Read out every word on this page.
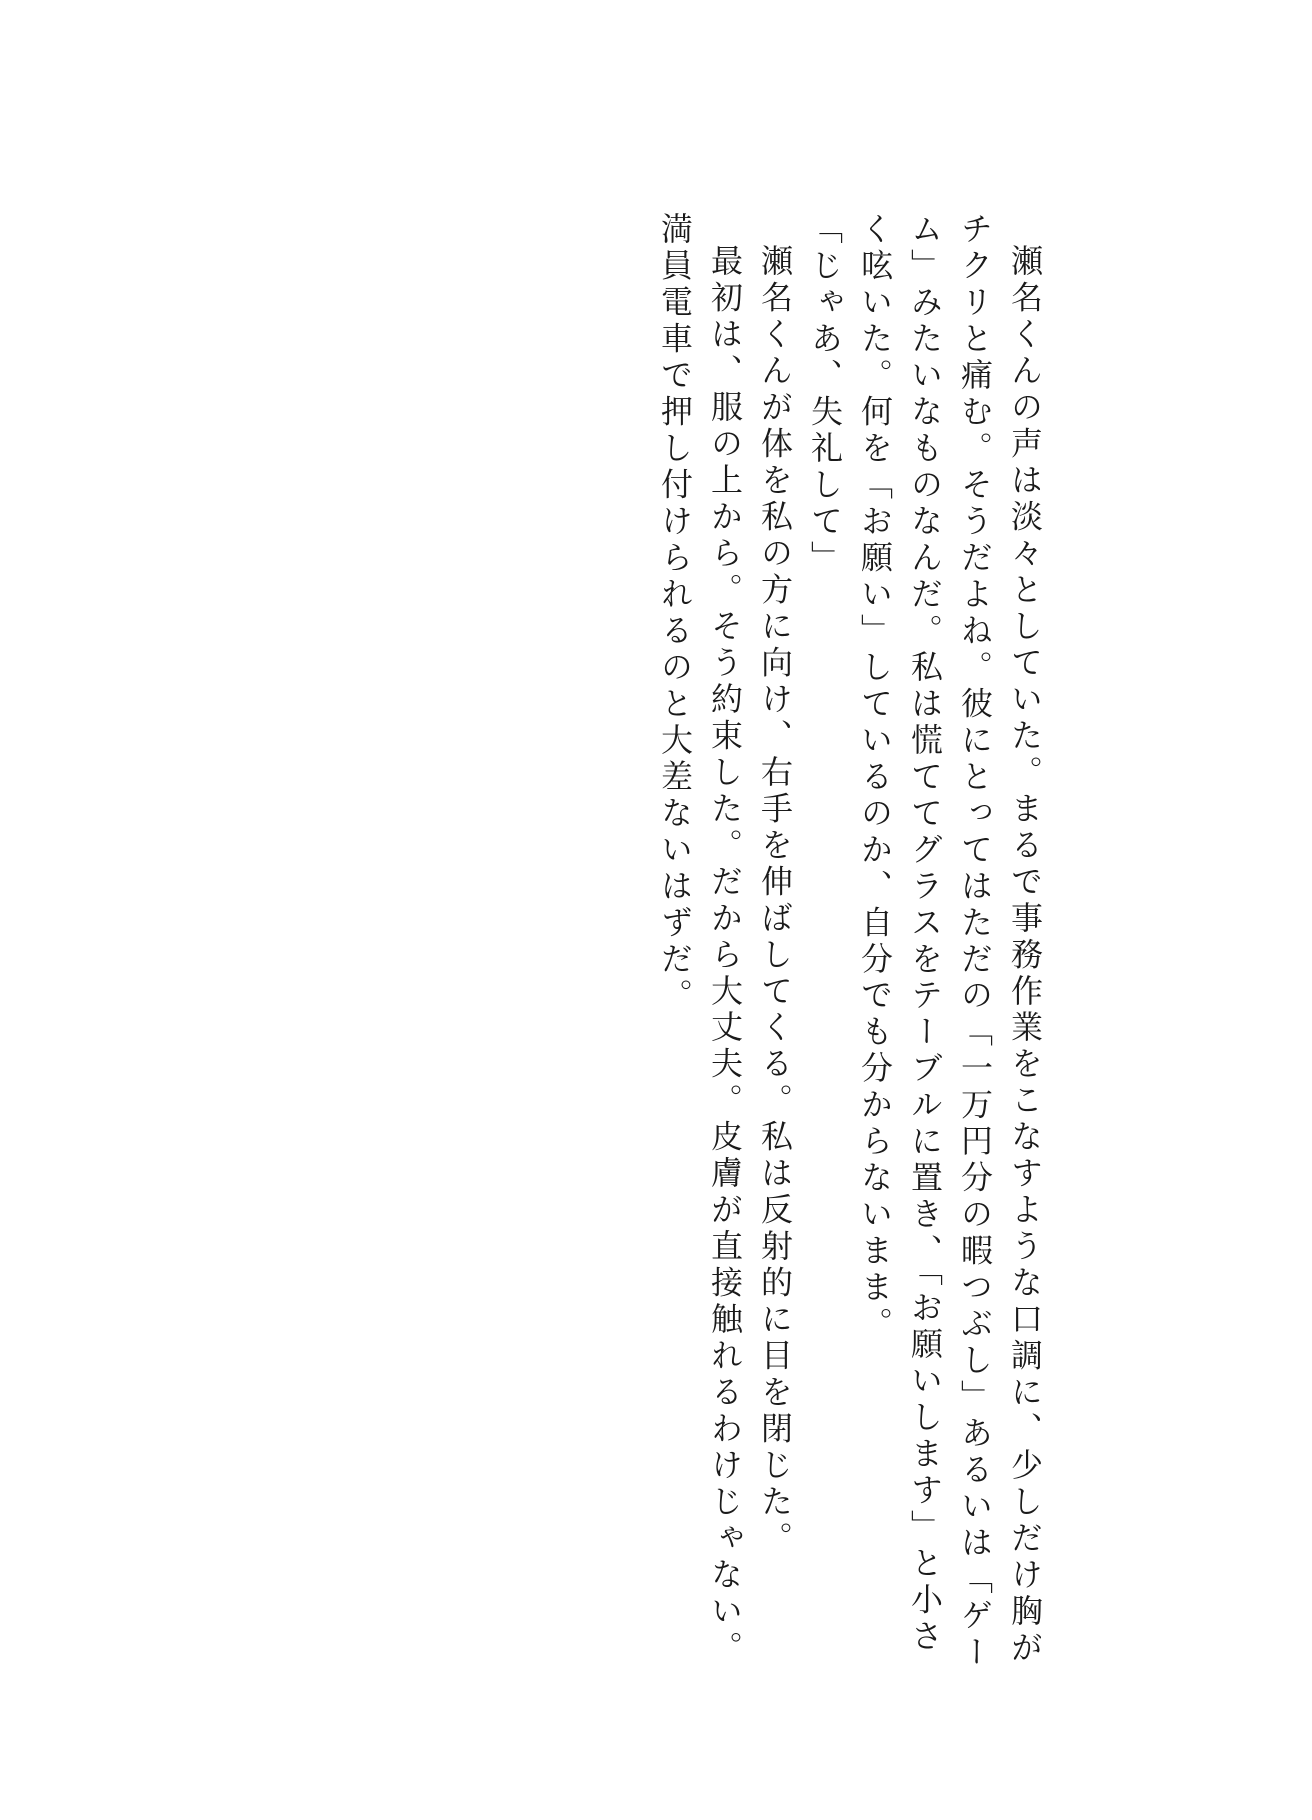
瀬名くんの声は淡々としていた。まるで事務作業をこなすような口調に、少しだけ胸がチクリと痛む。そうだよね。彼にとってはただの「一万円分の暇つぶし」あるいは「ゲーム」みたいなものなんだ。私は慌ててグラスをテーブルに置き、「お願いします」と小さく呟いた。何を「お願い」しているのか、自分でも分からないまま。

「じゃあ、失礼して」

瀬名くんが体を私の方に向け、右手を伸ばしてくる。私は反射的に目を閉じた。

最初は、服の上から。そう約束した。だから大丈夫。皮膚が直接触れるわけじゃない。満員電車で押し付けられるのと大差ないはずだ。
